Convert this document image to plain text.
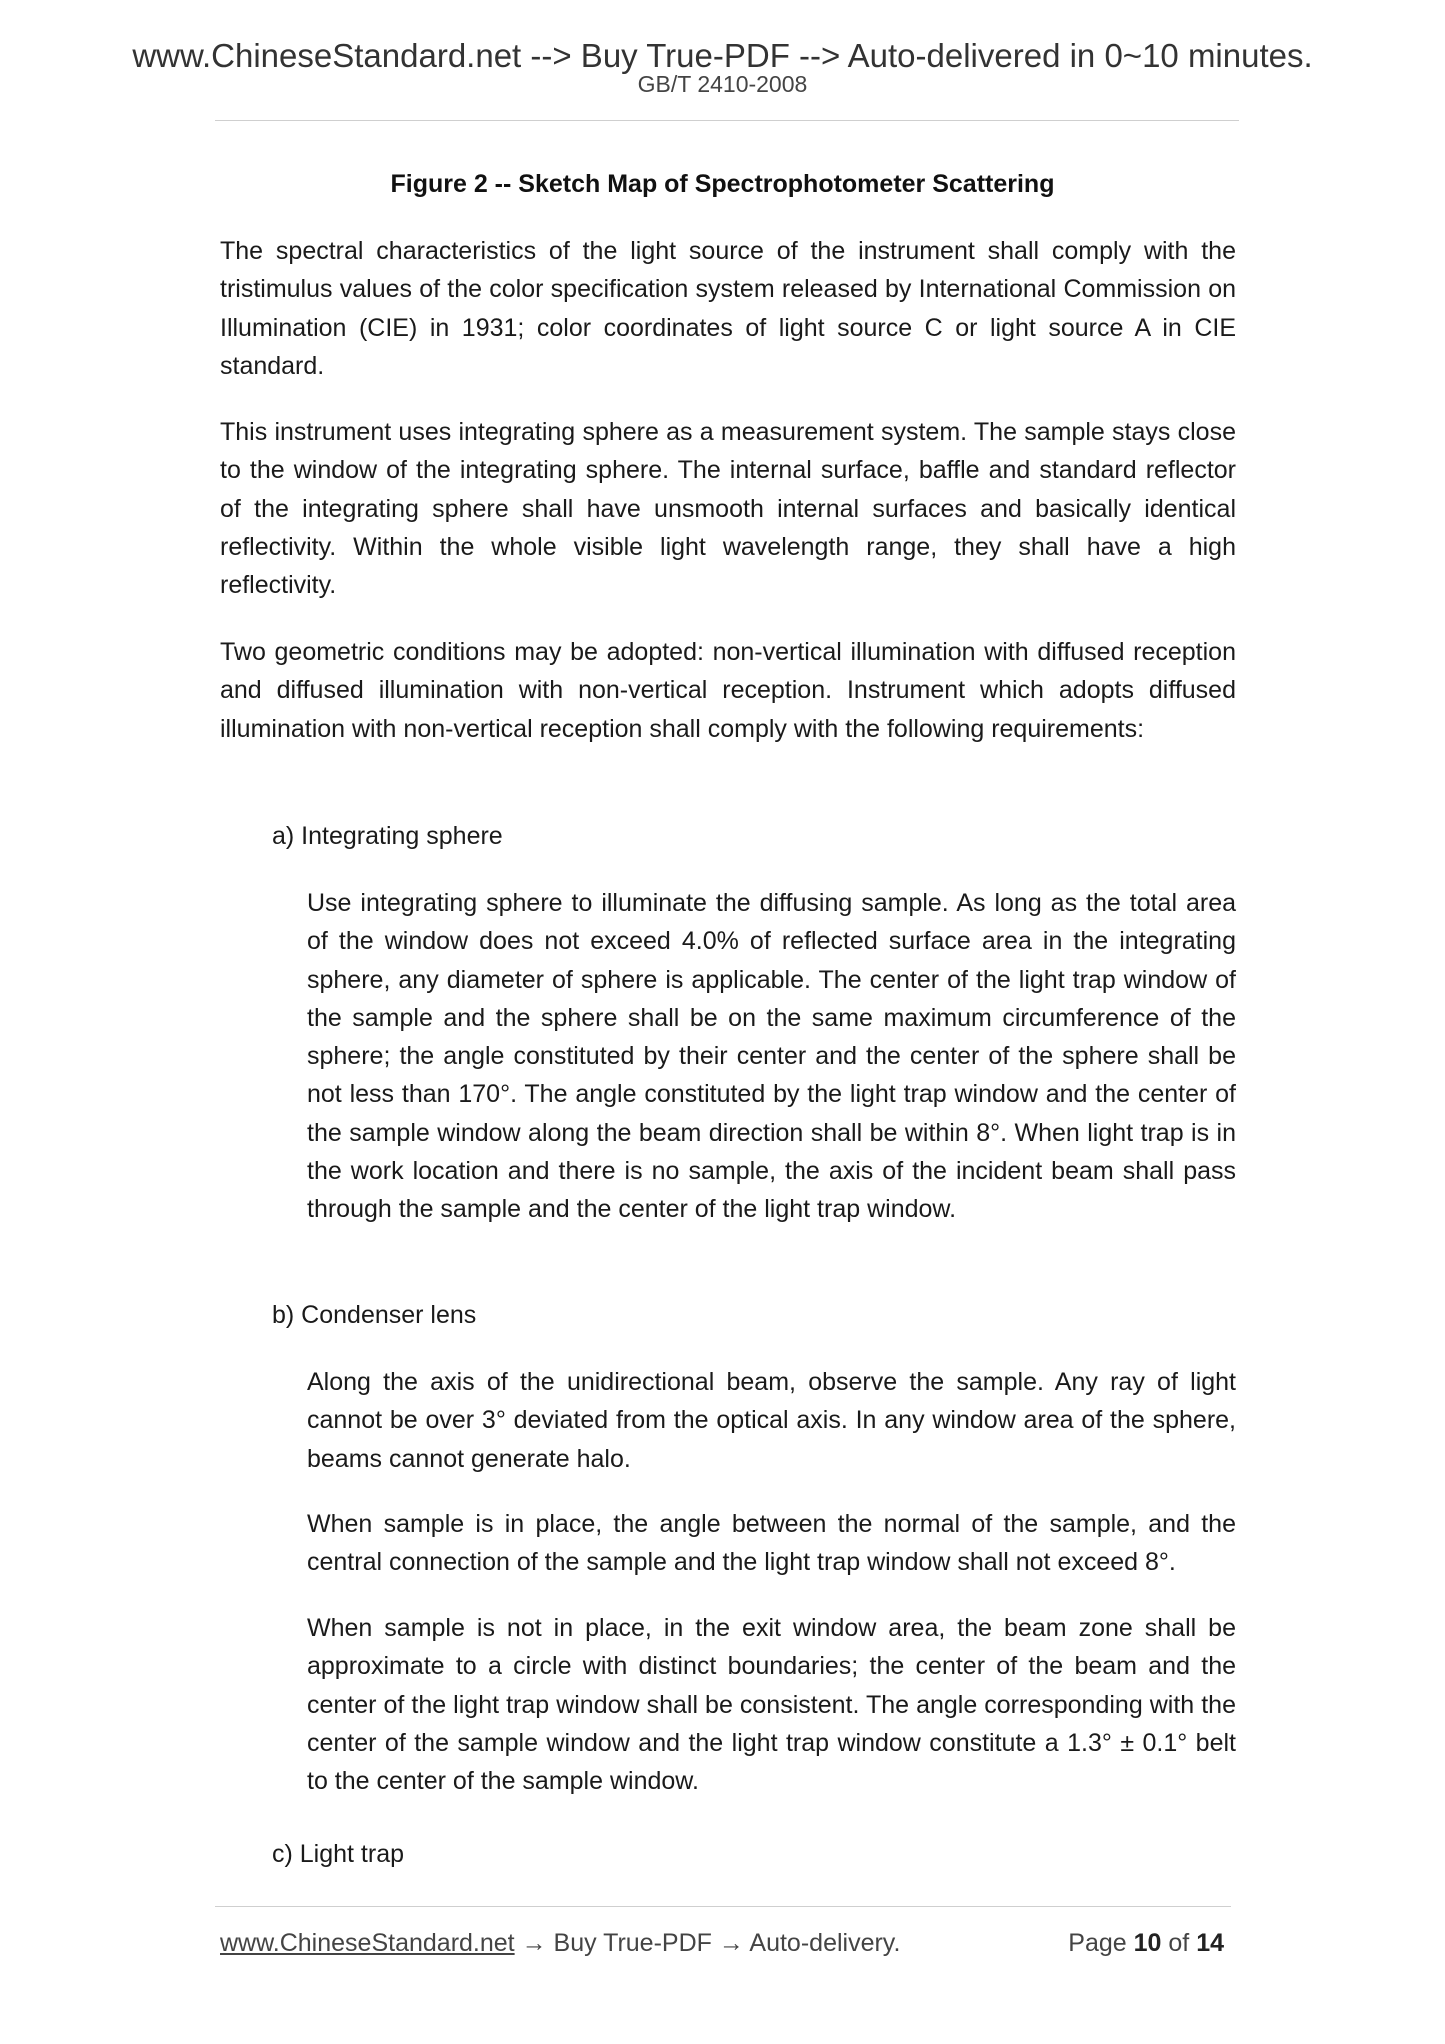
www.ChineseStandard.net --> Buy True-PDF --> Auto-delivered in 0~10 minutes.
GB/T 2410-2008
Figure 2 -- Sketch Map of Spectrophotometer Scattering
The spectral characteristics of the light source of the instrument shall comply with the tristimulus values of the color specification system released by International Commission on Illumination (CIE) in 1931; color coordinates of light source C or light source A in CIE standard.
This instrument uses integrating sphere as a measurement system. The sample stays close to the window of the integrating sphere. The internal surface, baffle and standard reflector of the integrating sphere shall have unsmooth internal surfaces and basically identical reflectivity. Within the whole visible light wavelength range, they shall have a high reflectivity.
Two geometric conditions may be adopted: non-vertical illumination with diffused reception and diffused illumination with non-vertical reception. Instrument which adopts diffused illumination with non-vertical reception shall comply with the following requirements:
a) Integrating sphere
Use integrating sphere to illuminate the diffusing sample. As long as the total area of the window does not exceed 4.0% of reflected surface area in the integrating sphere, any diameter of sphere is applicable. The center of the light trap window of the sample and the sphere shall be on the same maximum circumference of the sphere; the angle constituted by their center and the center of the sphere shall be not less than 170°. The angle constituted by the light trap window and the center of the sample window along the beam direction shall be within 8°. When light trap is in the work location and there is no sample, the axis of the incident beam shall pass through the sample and the center of the light trap window.
b) Condenser lens
Along the axis of the unidirectional beam, observe the sample. Any ray of light cannot be over 3° deviated from the optical axis. In any window area of the sphere, beams cannot generate halo.
When sample is in place, the angle between the normal of the sample, and the central connection of the sample and the light trap window shall not exceed 8°.
When sample is not in place, in the exit window area, the beam zone shall be approximate to a circle with distinct boundaries; the center of the beam and the center of the light trap window shall be consistent. The angle corresponding with the center of the sample window and the light trap window constitute a 1.3° ± 0.1° belt to the center of the sample window.
c) Light trap
www.ChineseStandard.net → Buy True-PDF → Auto-delivery.	Page 10 of 14
